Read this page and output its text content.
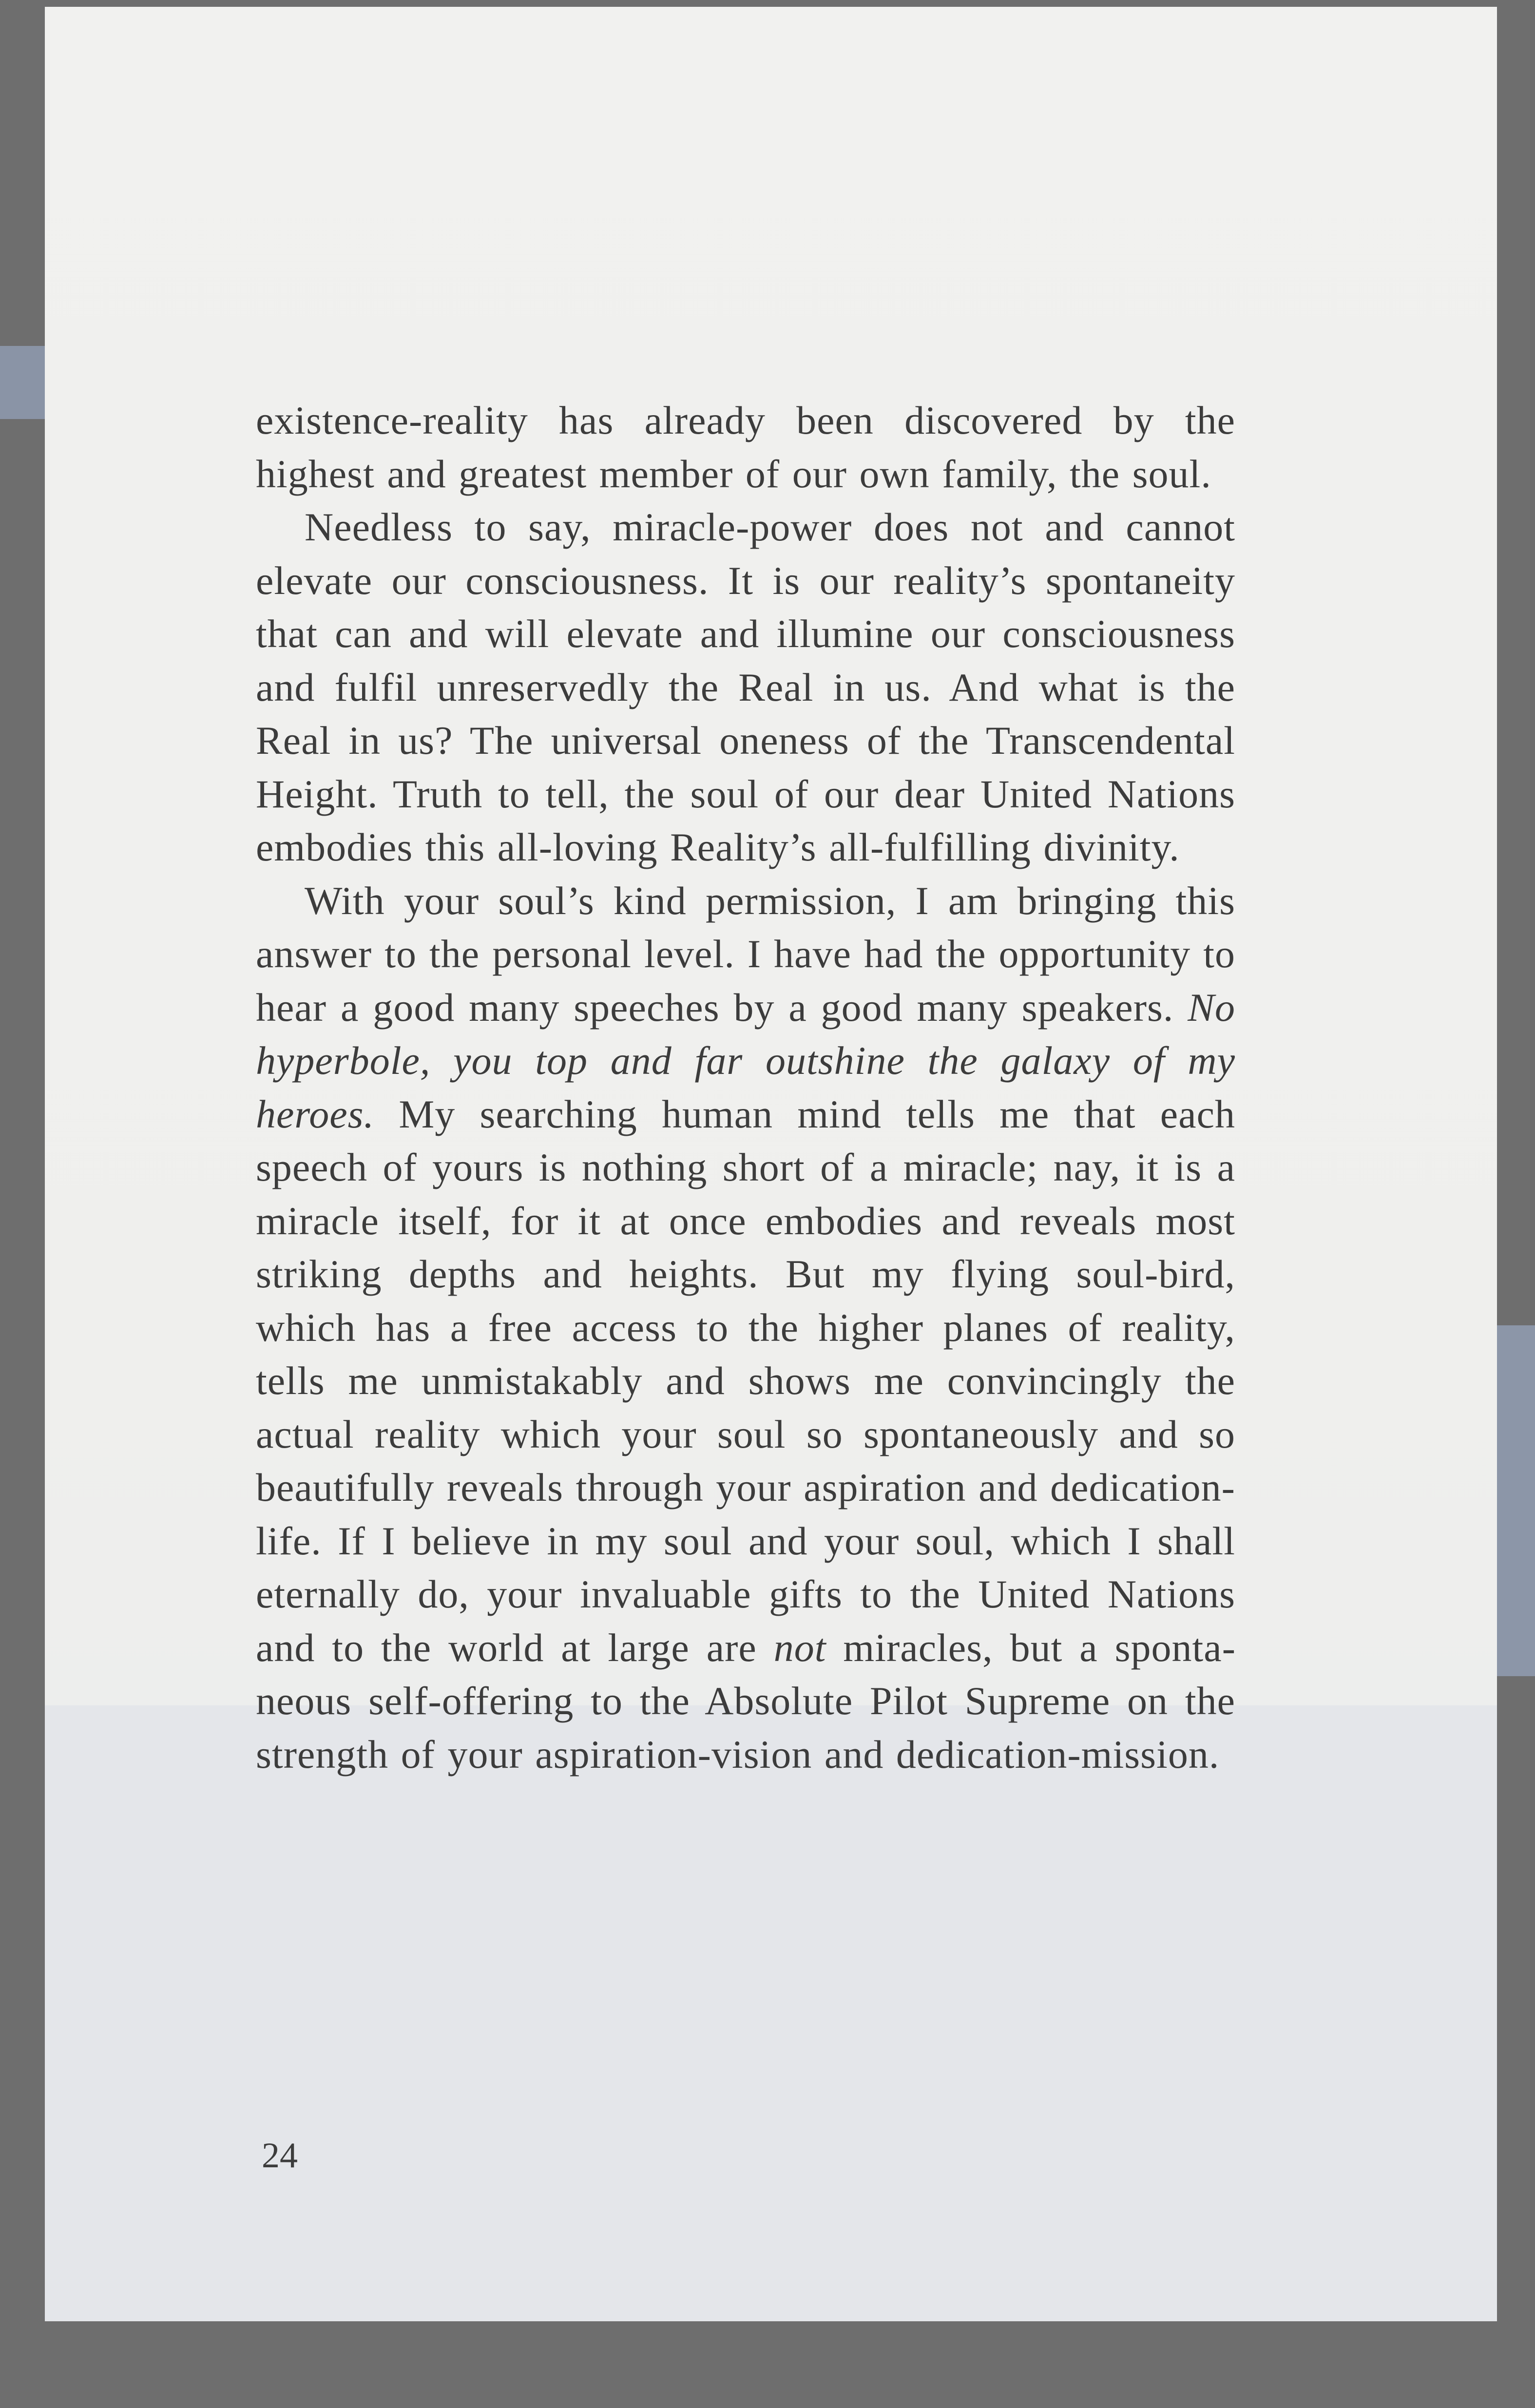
existence-reality has already been discovered by the highest and greatest member of our own family, the soul.

Needless to say, miracle-power does not and cannot elevate our consciousness. It is our reality’s spontaneity that can and will elevate and illumine our consciousness and fulfil unreservedly the Real in us. And what is the Real in us? The universal oneness of the Transcendental Height. Truth to tell, the soul of our dear United Nations embodies this all-loving Reality’s all-fulfilling divinity.

With your soul’s kind permission, I am bringing this answer to the personal level. I have had the opportunity to hear a good many speeches by a good many speakers. No hyperbole, you top and far outshine the galaxy of my heroes. My searching human mind tells me that each speech of yours is nothing short of a miracle; nay, it is a miracle itself, for it at once embodies and reveals most striking depths and heights. But my flying soul-bird, which has a free access to the higher planes of reality, tells me unmistakably and shows me convincingly the actual reality which your soul so spontaneously and so beautifully reveals through your aspiration and dedication-life. If I believe in my soul and your soul, which I shall eternally do, your invaluable gifts to the United Nations and to the world at large are not miracles, but a spontaneous self-offering to the Absolute Pilot Supreme on the strength of your aspiration-vision and dedication-mission.

24
